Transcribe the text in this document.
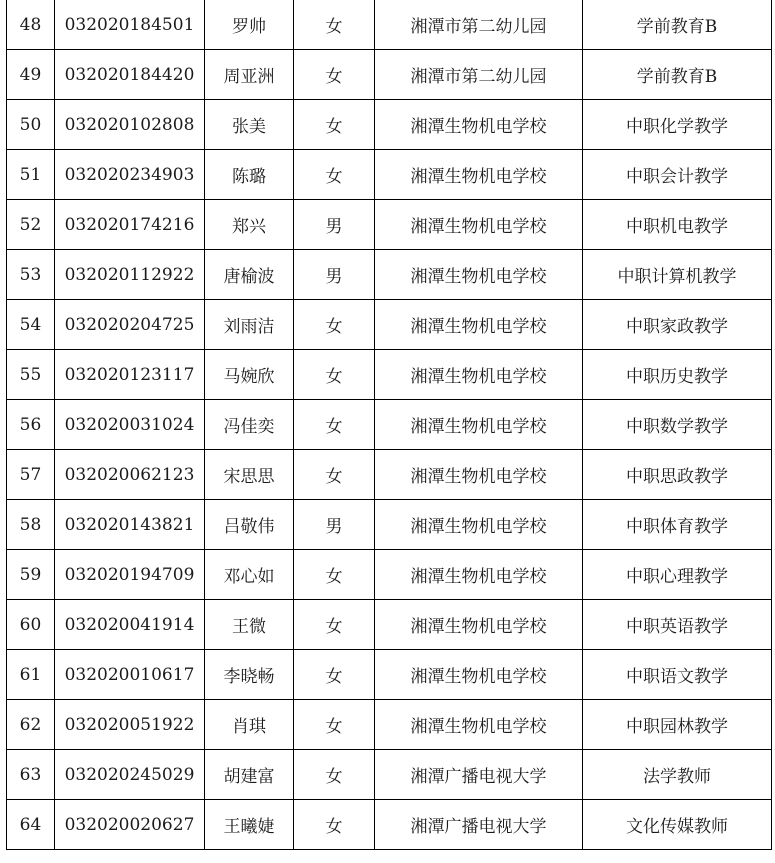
48	032020184501	罗帅	女	湘潭市第二幼儿园	学前教育B
49	032020184420	周亚洲	女	湘潭市第二幼儿园	学前教育B
50	032020102808	张美	女	湘潭生物机电学校	中职化学教学
51	032020234903	陈璐	女	湘潭生物机电学校	中职会计教学
52	032020174216	郑兴	男	湘潭生物机电学校	中职机电教学
53	032020112922	唐榆波	男	湘潭生物机电学校	中职计算机教学
54	032020204725	刘雨洁	女	湘潭生物机电学校	中职家政教学
55	032020123117	马婉欣	女	湘潭生物机电学校	中职历史教学
56	032020031024	冯佳奕	女	湘潭生物机电学校	中职数学教学
57	032020062123	宋思思	女	湘潭生物机电学校	中职思政教学
58	032020143821	吕敬伟	男	湘潭生物机电学校	中职体育教学
59	032020194709	邓心如	女	湘潭生物机电学校	中职心理教学
60	032020041914	王微	女	湘潭生物机电学校	中职英语教学
61	032020010617	李晓畅	女	湘潭生物机电学校	中职语文教学
62	032020051922	肖琪	女	湘潭生物机电学校	中职园林教学
63	032020245029	胡建富	女	湘潭广播电视大学	法学教师
64	032020020627	王曦婕	女	湘潭广播电视大学	文化传媒教师
